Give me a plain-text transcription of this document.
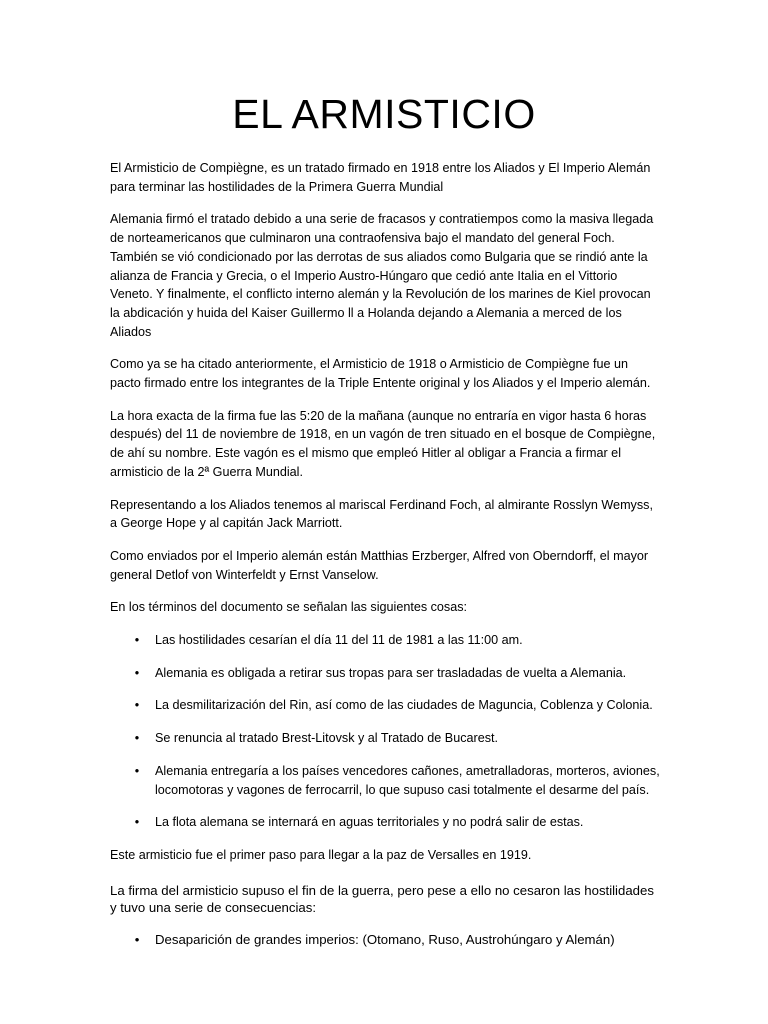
EL ARMISTICIO

El Armisticio de Compiègne, es un tratado firmado en 1918 entre los Aliados y El Imperio Alemán para terminar las hostilidades de la Primera Guerra Mundial

Alemania firmó el tratado debido a una serie de fracasos y contratiempos como la masiva llegada de norteamericanos que culminaron una contraofensiva bajo el mandato del general Foch. También se vió condicionado por las derrotas de sus aliados como Bulgaria que se rindió ante la alianza de Francia y Grecia, o el Imperio Austro-Húngaro que cedió ante Italia en el Vittorio Veneto. Y finalmente, el conflicto interno alemán y la Revolución de los marines de Kiel provocan la abdicación y huida del Kaiser Guillermo ll a Holanda dejando a Alemania a merced de los Aliados

Como ya se ha citado anteriormente, el Armisticio de 1918 o Armisticio de Compiègne fue un pacto firmado entre los integrantes de la Triple Entente original y los Aliados y el Imperio alemán.

La hora exacta de la firma fue las 5:20 de la mañana (aunque no entraría en vigor hasta 6 horas después) del 11 de noviembre de 1918, en un vagón de tren situado en el bosque de Compiègne, de ahí su nombre. Este vagón es el mismo que empleó Hitler al obligar a Francia a firmar el armisticio de la 2ª Guerra Mundial.

Representando a los Aliados tenemos al mariscal Ferdinand Foch, al almirante Rosslyn Wemyss, a George Hope y al capitán Jack Marriott.

Como enviados por el Imperio alemán están Matthias Erzberger, Alfred von Oberndorff, el mayor general Detlof von Winterfeldt y Ernst Vanselow.

En los términos del documento se señalan las siguientes cosas:

• Las hostilidades cesarían el día 11 del 11 de 1981 a las 11:00 am.
• Alemania es obligada a retirar sus tropas para ser trasladadas de vuelta a Alemania.
• La desmilitarización del Rin, así como de las ciudades de Maguncia, Coblenza y Colonia.
• Se renuncia al tratado Brest-Litovsk y al Tratado de Bucarest.
• Alemania entregaría a los países vencedores cañones, ametralladoras, morteros, aviones, locomotoras y vagones de ferrocarril, lo que supuso casi totalmente el desarme del país.
• La flota alemana se internará en aguas territoriales y no podrá salir de estas.

Este armisticio fue el primer paso para llegar a la paz de Versalles en 1919.

La firma del armisticio supuso el fin de la guerra, pero pese a ello no cesaron las hostilidades y tuvo una serie de consecuencias:

• Desaparición de grandes imperios: (Otomano, Ruso, Austrohúngaro y Alemán)
